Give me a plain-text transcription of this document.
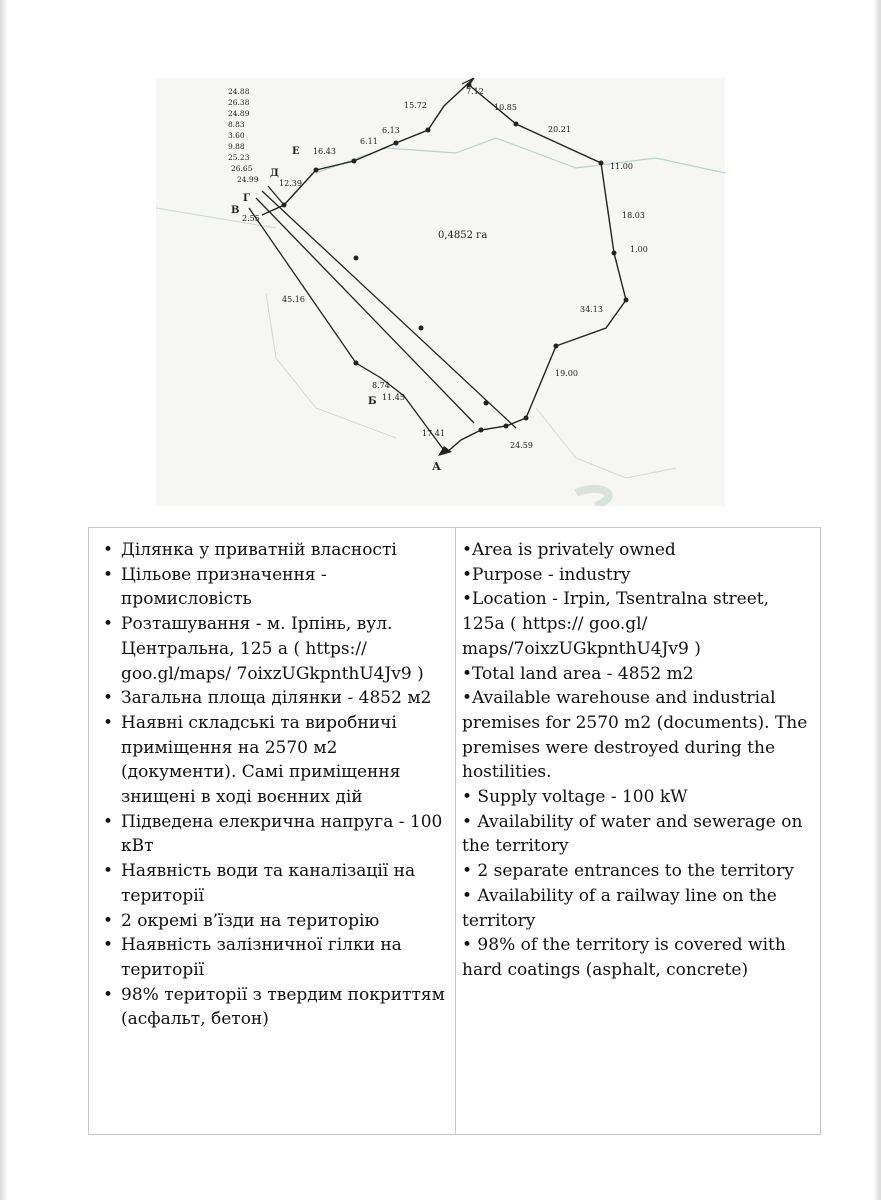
0,4852 га
А
Б
В
Г
Д
Е
7.12
10.85
20.21
11.00
18.03
1.00
34.13
19.00
24.59
17.41
11.45
8.74
45.16
2.55
12.39
16.43
6.11
6.13
15.72
24.88
26.38
24.89
8.83
3.60
9.88
25.23
26.65
24.99
• Ділянка у приватній власності
• Цільове призначення - промисловість
• Розташування - м. Ірпінь, вул. Центральна, 125 а ( https:// goo.gl/maps/ 7oixzUGkpnthU4Jv9 )
• Загальна площа ділянки - 4852 м2
• Наявні складські та виробничі приміщення на 2570 м2 (документи). Самі приміщення знищені в ході воєнних дій
• Підведена елекрична напруга - 100 кВт
• Наявність води та каналізації на території
• 2 окремі в’їзди на територію
• Наявність залізничної гілки на території
• 98% території з твердим покриттям (асфальт, бетон)

•Area is privately owned
•Purpose - industry
•Location - Irpin, Tsentralna street, 125a ( https:// goo.gl/ maps/7oixzUGkpnthU4Jv9 )
•Total land area - 4852 m2
•Available warehouse and industrial premises for 2570 m2 (documents). The premises were destroyed during the hostilities.
• Supply voltage - 100 kW
• Availability of water and sewerage on the territory
• 2 separate entrances to the territory
• Availability of a railway line on the territory
• 98% of the territory is covered with hard coatings (asphalt, concrete)
